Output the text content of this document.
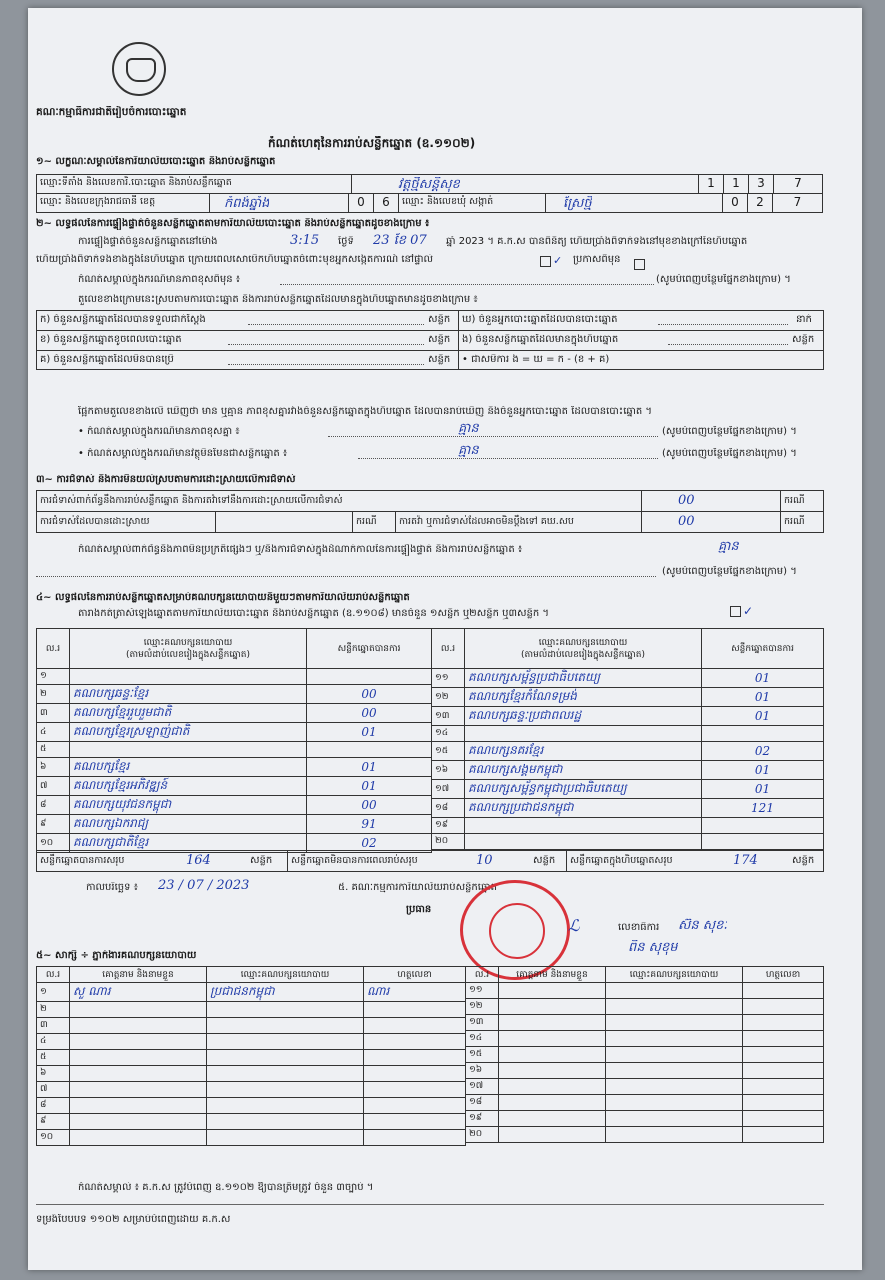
គណៈកម្មាធិការជាតិរៀបចំការបោះឆ្នោត
កំណត់ហេតុនៃការរាប់សន្លឹកឆ្នោត (ឧ.១១០២)
១~ លក្ខណៈសម្គាល់នៃការិយាល័យបោះឆ្នោត និងរាប់សន្លឹកឆ្នោត
ឈ្មោះទីតាំង និងលេខការិ.បោះឆ្នោត និងរាប់សន្លឹកឆ្នោត	វត្តថ្មីសន្តិសុខ	1	1	3	7
ឈ្មោះ និងលេខក្រុងរាជធានី ខេត្ត	កំពង់ឆ្នាំង	0	6	ឈ្មោះ និងលេខឃុំ សង្កាត់	ស្រែថ្មី	0	2	7
២~ លទ្ធផលនៃការផ្ទៀងផ្ទាត់ចំនួនសន្លឹកឆ្នោតតាមការិយាល័យបោះឆ្នោត និងរាប់សន្លឹកឆ្នោតដូចខាងក្រោម ៖
ការផ្ទៀងផ្ទាត់ចំនួនសន្លឹកឆ្នោតនៅម៉ោង	3:15 ថ្ងៃទី 23 ខែ 07 ឆ្នាំ 2023 ។ គ.ក.ស បានពិនិត្យ ហើយប្រាំងពីទាក់ទងនៅមុខខាងក្រៅនៃហិបឆ្នោត
ហើយប្រាំងពីទាក់ទងខាងក្នុងនៃហិបឆ្នោត ក្រោយពេលសោបើកហិបឆ្នោតចំពោះមុខអ្នកសង្កេតការណ៍ នៅផ្ទាល់	✓ ប្រកាសពីមុន
កំណត់សម្គាល់ក្នុងករណីមានភាពខុសពីមុន ៖	(សូមបំពេញបន្ថែមផ្នែកខាងក្រោម) ។
តួលេខខាងក្រោមនេះស្របតាមការបោះឆ្នោត និងការរាប់សន្លឹកឆ្នោតដែលមានក្នុងហិបឆ្នោតមានដូចខាងក្រោម ៖
ក) ចំនួនសន្លឹកឆ្នោតដែលបានទទួលជាក់ស្តែង	សន្លឹក ឃ) ចំនួនអ្នកបោះឆ្នោតដែលបានបោះឆ្នោត	នាក់
ខ) ចំនួនសន្លឹកឆ្នោតខូចពេលបោះឆ្នោត	សន្លឹក ង) ចំនួនសន្លឹកឆ្នោតដែលមានក្នុងហិបឆ្នោត	សន្លឹក
គ) ចំនួនសន្លឹកឆ្នោតដែលមិនបានប្រើ	សន្លឹក • ជាសមីការ ង = ឃ = ក - (ខ + គ)
ផ្អែកតាមតួលេខខាងលើ ឃើញថា មាន ឬគ្មាន ភាពខុសគ្នារវាងចំនួនសន្លឹកឆ្នោតក្នុងហិបឆ្នោត ដែលបានរាប់ឃើញ និងចំនួនអ្នកបោះឆ្នោត ដែលបានបោះឆ្នោត ។
• កំណត់សម្គាល់ក្នុងករណីមានភាពខុសគ្នា ៖	គ្មាន	(សូមបំពេញបន្ថែមផ្នែកខាងក្រោម) ។
• កំណត់សម្គាល់ក្នុងករណីមានវត្ថុមិនមែនជាសន្លឹកឆ្នោត ៖	គ្មាន	(សូមបំពេញបន្ថែមផ្នែកខាងក្រោម) ។
៣~ ការជំទាស់ និងការមិនយល់ស្របតាមការដោះស្រាយលើការជំទាស់
ការជំទាស់ពាក់ព័ន្ធនឹងការរាប់សន្លឹកឆ្នោត និងការតវ៉ាទៅនឹងការដោះស្រាយលើការជំទាស់	00	ករណី
ការជំទាស់ដែលបានដោះស្រាយ	ករណី	ការតវ៉ា ឬការជំទាស់ដែលអាចមិនប្ដឹងទៅ គឃ.សប	00	ករណី
កំណត់សម្គាល់ពាក់ព័ន្ធនឹងភាពមិនប្រក្រតីផ្សេងៗ ឬ/និងការជំទាស់ក្នុងដំណាក់កាលនៃការផ្ទៀងផ្ទាត់ និងការរាប់សន្លឹកឆ្នោត ៖	គ្មាន
(សូមបំពេញបន្ថែមផ្នែកខាងក្រោម) ។
៤~ លទ្ធផលនៃការរាប់សន្លឹកឆ្នោតសម្រាប់គណបក្សនយោបាយនីមួយៗតាមការិយាល័យរាប់សន្លឹកឆ្នោត
តារាងកត់ត្រាសំឡេងឆ្នោតតាមការិយាល័យបោះឆ្នោត និងរាប់សន្លឹកឆ្នោត (ឧ.១១០៨) មានចំនួន ១សន្លឹក ឬ២សន្លឹក ឬ៣សន្លឹក ។	✓
ល.រ	ឈ្មោះគណបក្សនយោបាយ
(តាមលំដាប់លេខរៀងក្នុងសន្លឹកឆ្នោត)	សន្លឹកឆ្នោតបានការ
១		
២	គណបក្សឆន្ទៈខ្មែរ	00
៣	គណបក្សខ្មែររួបរួមជាតិ	00
៤	គណបក្សខ្មែរស្រឡាញ់ជាតិ	01
៥		
៦	គណបក្សខ្មែរ	01
៧	គណបក្សខ្មែរអភិវឌ្ឍន៍	01
៨	គណបក្សយុវជនកម្ពុជា	00
៩	គណបក្សឯករាជ្យ	91
១០	គណបក្សជាតិខ្មែរ	02
ល.រ	ឈ្មោះគណបក្សនយោបាយ
(តាមលំដាប់លេខរៀងក្នុងសន្លឹកឆ្នោត)	សន្លឹកឆ្នោតបានការ
១១	គណបក្សសម្ព័ន្ធប្រជាធិបតេយ្យ	01
១២	គណបក្សខ្មែរកំណែទម្រង់	01
១៣	គណបក្សឆន្ទៈប្រជាពលរដ្ឋ	01
១៤		
១៥	គណបក្សនគរខ្មែរ	02
១៦	គណបក្សសង្គមកម្ពុជា	01
១៧	គណបក្សសម្ព័ន្ធកម្ពុជាប្រជាធិបតេយ្យ	01
១៨	គណបក្សប្រជាជនកម្ពុជា	121
១៩		
២០		
សន្លឹកឆ្នោតបានការសរុប	164	សន្លឹក	សន្លឹកឆ្នោតមិនបានការពេលរាប់សរុប	10	សន្លឹក	សន្លឹកឆ្នោតក្នុងហិបឆ្នោតសរុប	174	សន្លឹក
កាលបរិច្ឆេទ ៖ 23 / 07 / 2023	៥. គណៈកម្មការការិយាល័យរាប់សន្លឹកឆ្នោត
ប្រធាន
ℒ	លេខាធិការ ស៊ន សុខៈ
ពិន សុខុម
៥~ សាក្សី ÷ ភ្នាក់ងារគណបក្សនយោបាយ
ល.រ	គោត្តនាម និងនាមខ្លួន	ឈ្មោះគណបក្សនយោបាយ	ហត្ថលេខា
១	សួ ណារ	ប្រជាជនកម្ពុជា	ណារ
២			
៣			
៤			
៥			
៦			
៧			
៨			
៩			
១០			
ល.រ	គោត្តនាម និងនាមខ្លួន	ឈ្មោះគណបក្សនយោបាយ	ហត្ថលេខា
១១			
១២			
១៣			
១៤			
១៥			
១៦			
១៧			
១៨			
១៩			
២០			
កំណត់សម្គាល់ ៖ គ.ក.ស ត្រូវបំពេញ ឧ.១១០២ ឱ្យបានត្រឹមត្រូវ ចំនួន ៣ច្បាប់ ។
ទម្រង់បែបបទ ១១០២ សម្រាប់បំពេញដោយ គ.ក.ស
